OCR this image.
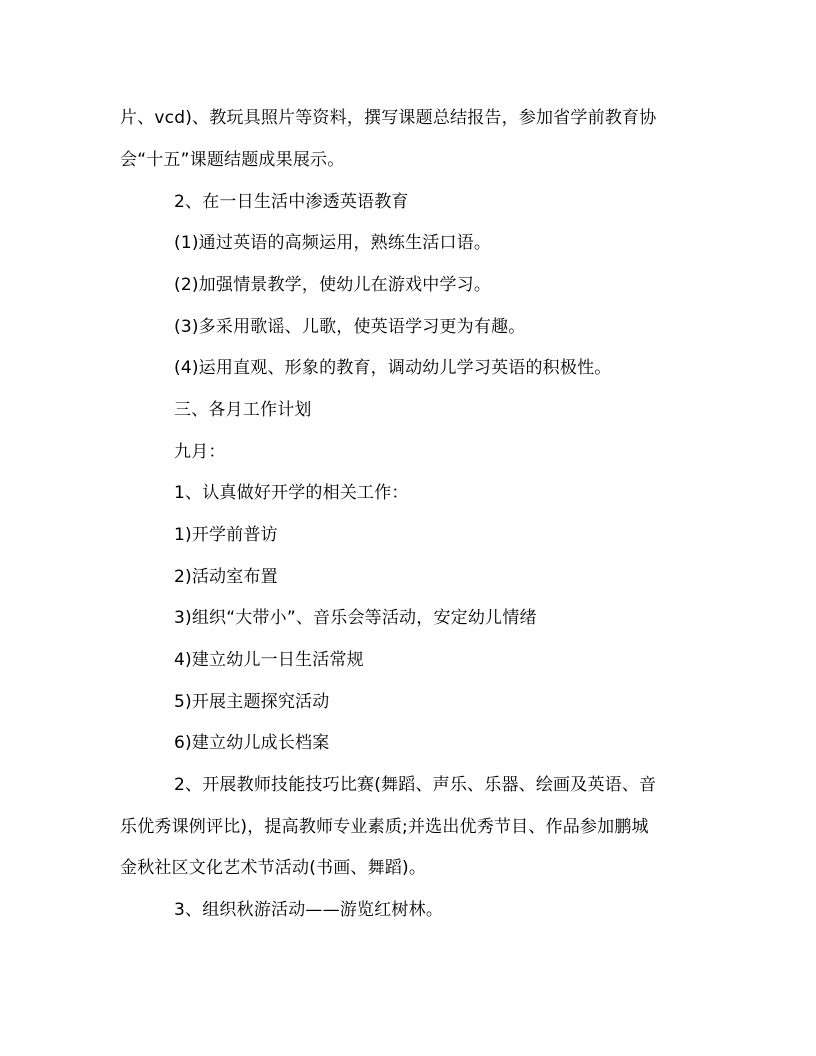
片、vcd)、教玩具照片等资料，撰写课题总结报告，参加省学前教育协
会“十五”课题结题成果展示。
2、在一日生活中渗透英语教育
(1)通过英语的高频运用，熟练生活口语。
(2)加强情景教学，使幼儿在游戏中学习。
(3)多采用歌谣、儿歌，使英语学习更为有趣。
(4)运用直观、形象的教育，调动幼儿学习英语的积极性。
三、各月工作计划
九月：
1、认真做好开学的相关工作：
1)开学前普访
2)活动室布置
3)组织“大带小”、音乐会等活动，安定幼儿情绪
4)建立幼儿一日生活常规
5)开展主题探究活动
6)建立幼儿成长档案
2、开展教师技能技巧比赛(舞蹈、声乐、乐器、绘画及英语、音
乐优秀课例评比)，提高教师专业素质;并选出优秀节目、作品参加鹏城
金秋社区文化艺术节活动(书画、舞蹈)。
3、组织秋游活动——游览红树林。
